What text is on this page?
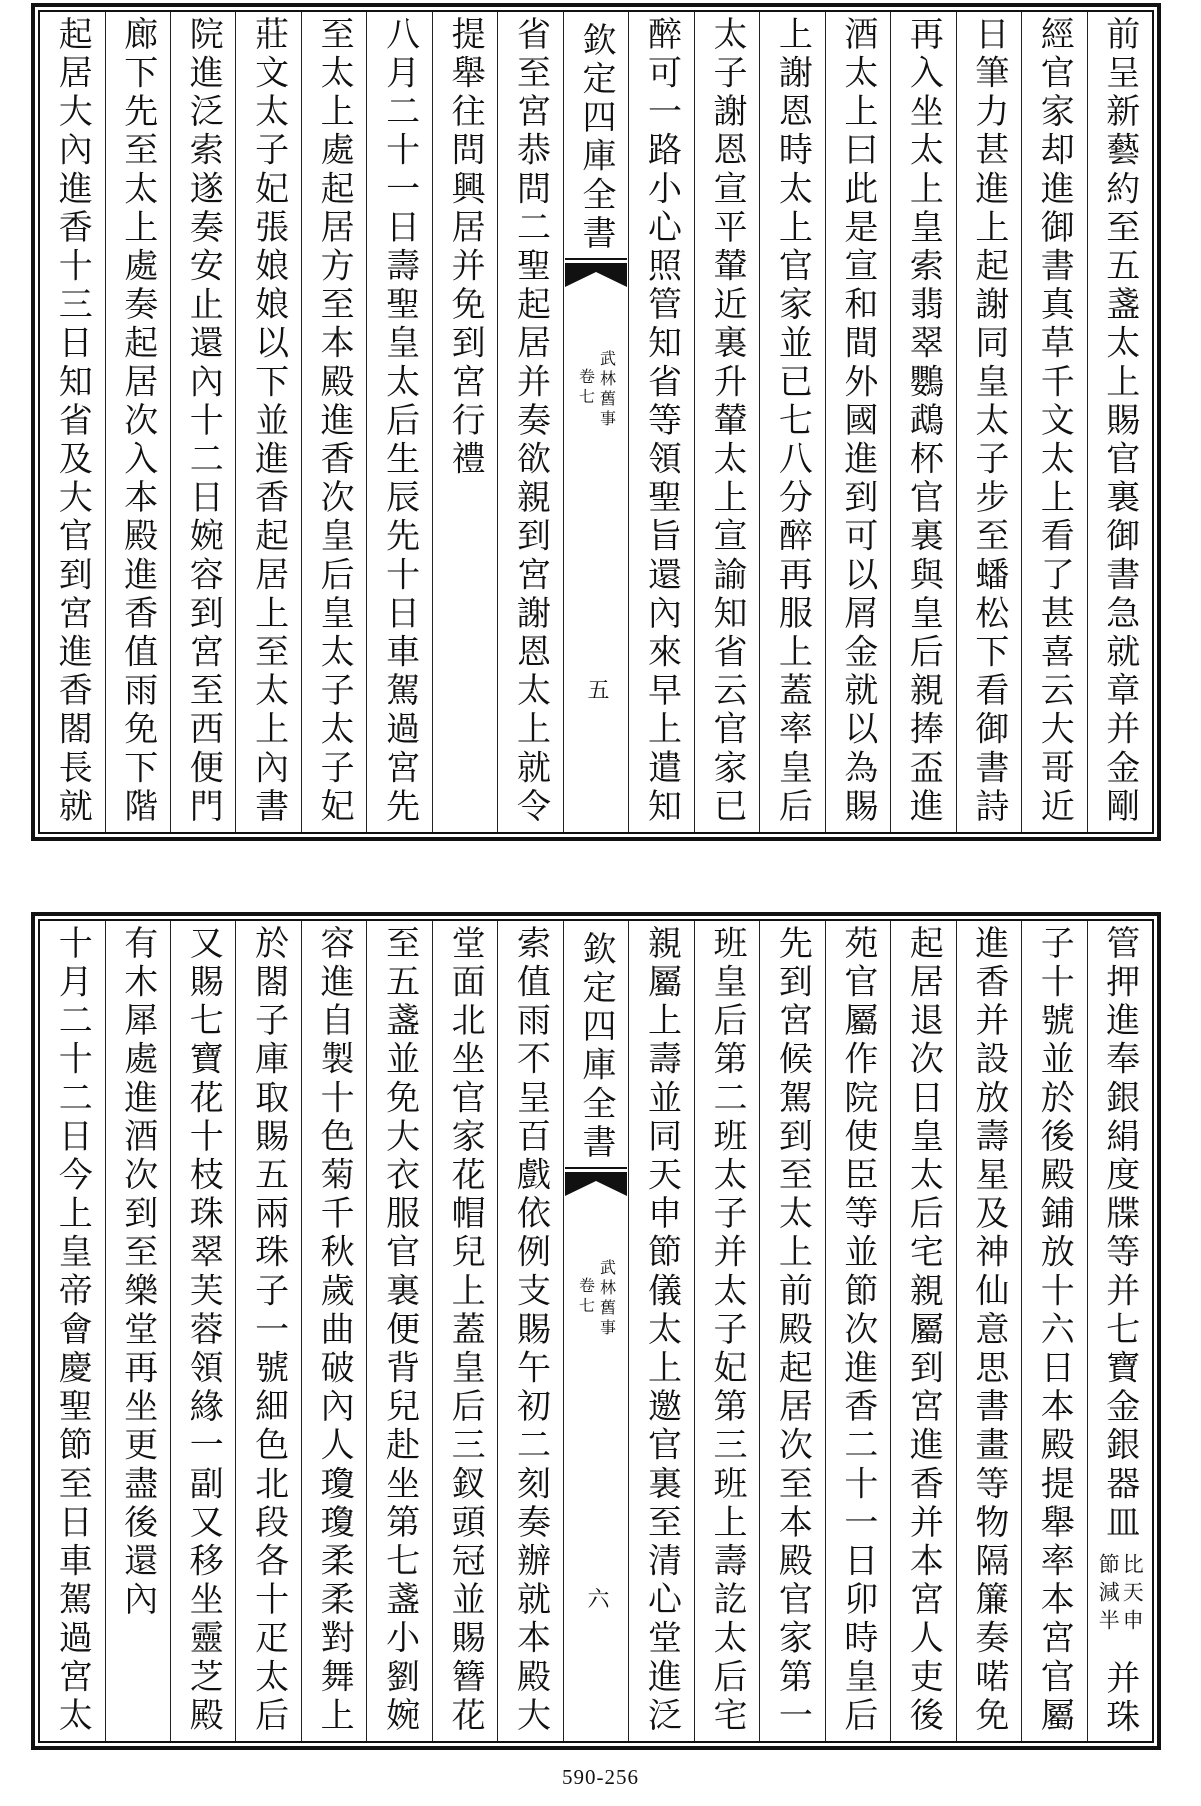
前呈新藝約至五盞太上賜官裏御書急就章并金剛
經官家却進御書真草千文太上看了甚喜云大哥近
日筆力甚進上起謝同皇太子步至蟠松下看御書詩
再入坐太上皇索翡翠鸚鵡杯官裏與皇后親捧盃進
酒太上曰此是宣和間外國進到可以屑金就以為賜
上謝恩時太上官家並已七八分醉再服上蓋率皇后
太子謝恩宣平輦近裏升輦太上宣諭知省云官家已
醉可一路小心照管知省等領聖旨還內來早上遣知
欽定四庫全書
武林舊事
卷七
五
省至宮恭問二聖起居并奏欲親到宮謝恩太上就令
提舉往問興居并免到宮行禮
八月二十一日壽聖皇太后生辰先十日車駕過宮先
至太上處起居方至本殿進香次皇后皇太子太子妃
莊文太子妃張娘娘以下並進香起居上至太上內書
院進泛索遂奏安止還內十二日婉容到宮至西便門
廊下先至太上處奏起居次入本殿進香值雨免下階
起居大內進香十三日知省及大官到宮進香閤長就
管押進奉銀絹度牒等并七寶金銀器皿
比天申
節減半
并珠
子十號並於後殿鋪放十六日本殿提舉率本宮官屬
進香并設放壽星及神仙意思書畫等物隔簾奏喏免
起居退次日皇太后宅親屬到宮進香并本宮人吏後
苑官屬作院使臣等並節次進香二十一日卯時皇后
先到宮候駕到至太上前殿起居次至本殿官家第一
班皇后第二班太子并太子妃第三班上壽訖太后宅
親屬上壽並同天申節儀太上邀官裏至清心堂進泛
欽定四庫全書
武林舊事
卷七
六
索值雨不呈百戲依例支賜午初二刻奏辦就本殿大
堂面北坐官家花帽兒上蓋皇后三釵頭冠並賜簪花
至五盞並免大衣服官裏便背兒赴坐第七盞小劉婉
容進自製十色菊千秋歲曲破內人瓊瓊柔柔對舞上
於閤子庫取賜五兩珠子一號細色北段各十疋太后
又賜七寶花十枝珠翠芙蓉領緣一副又移坐靈芝殿
有木犀處進酒次到至樂堂再坐更盡後還內
十月二十二日今上皇帝會慶聖節至日車駕過宮太
590-256
